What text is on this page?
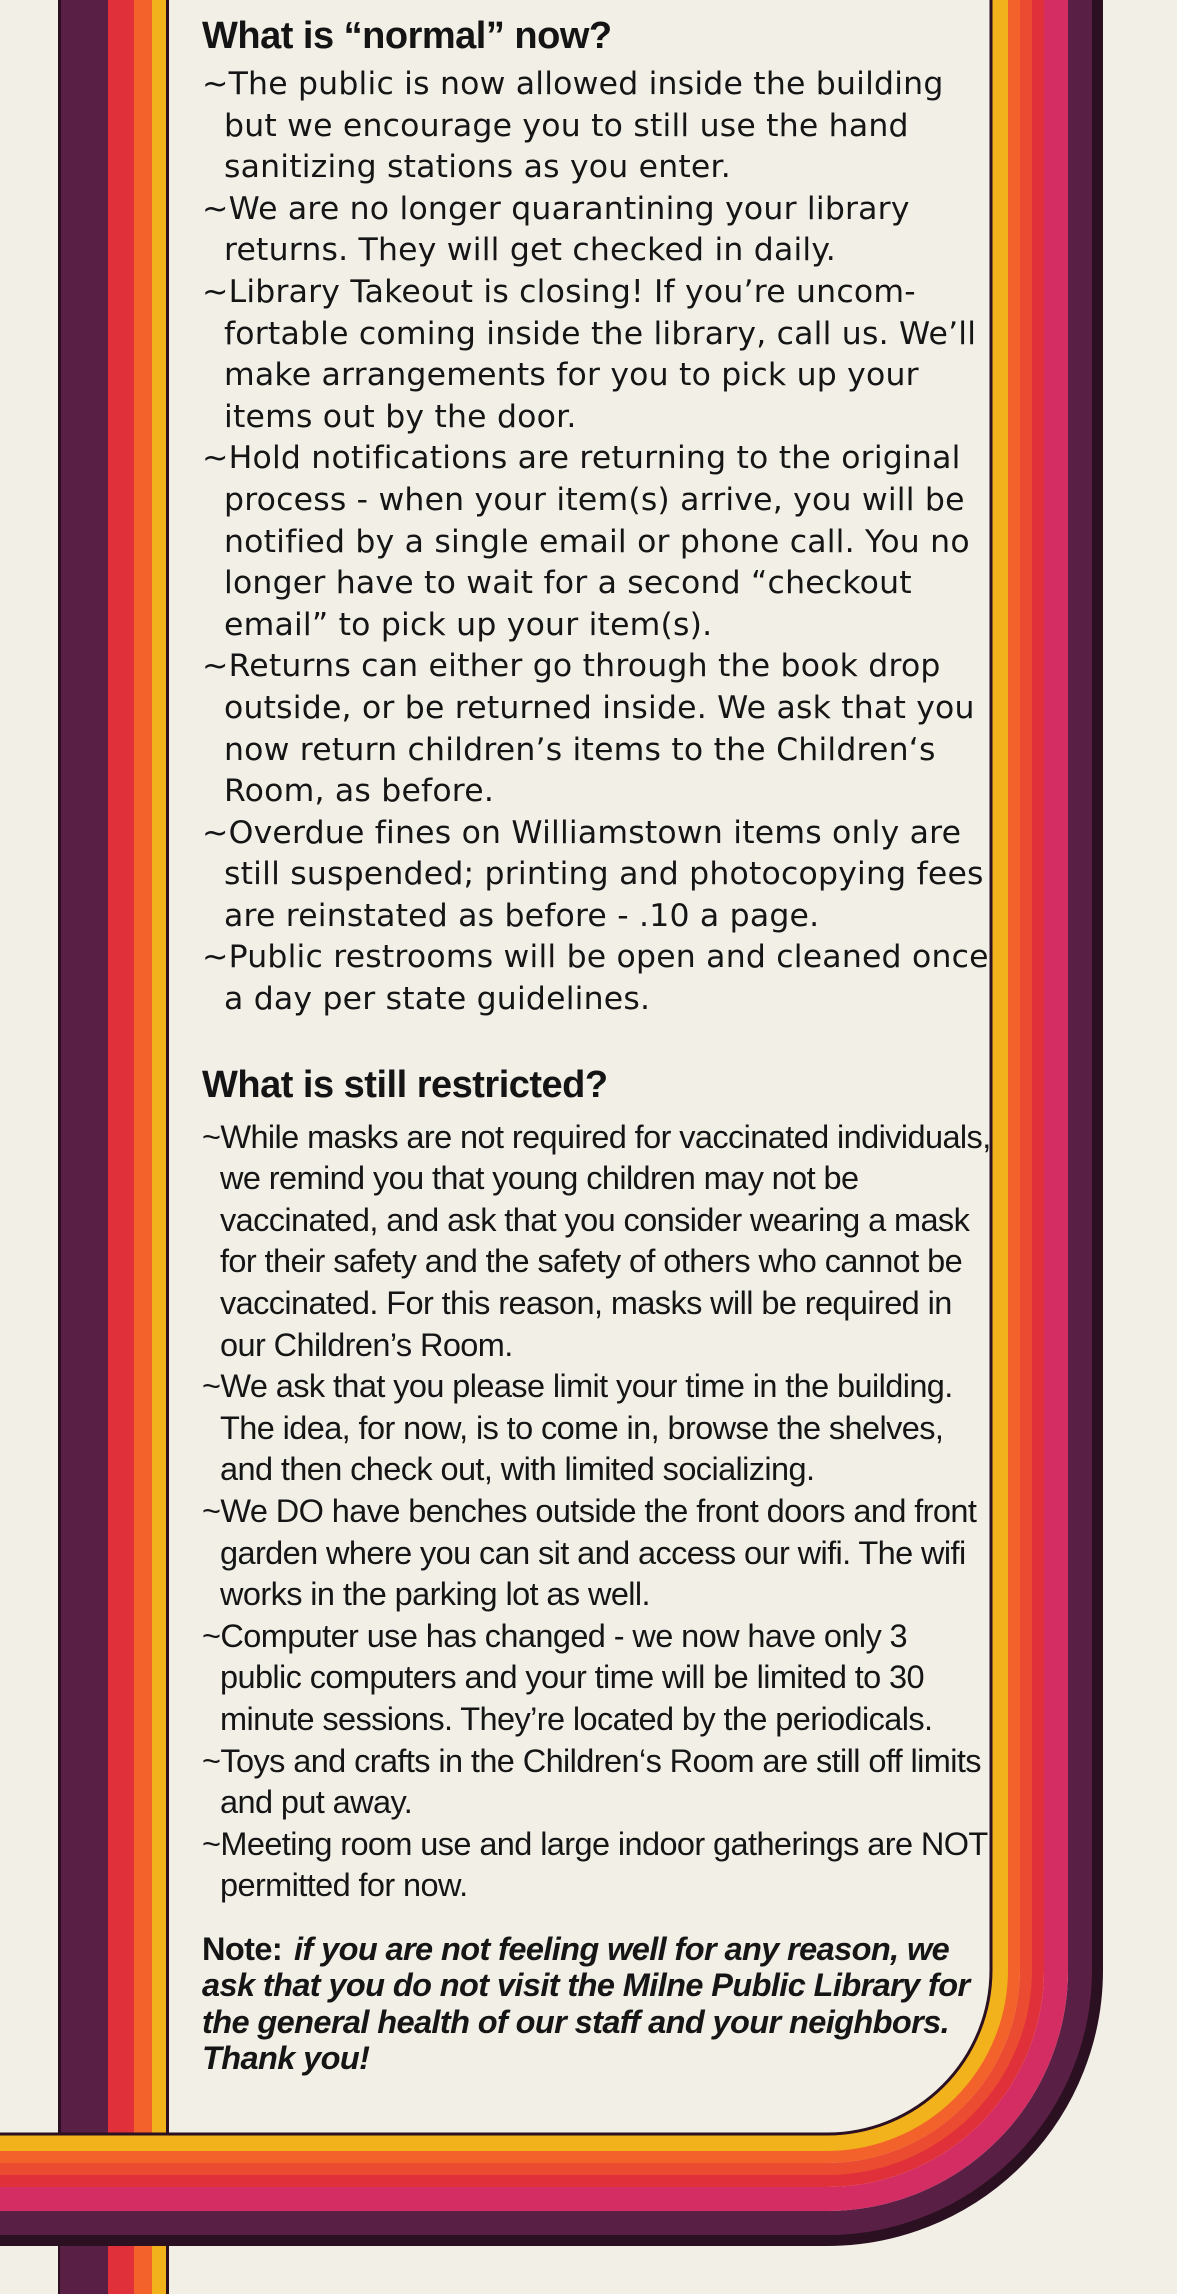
What is “normal” now?
~The public is now allowed inside the building but we encourage you to still use the hand sanitizing stations as you enter.
~We are no longer quarantining your library returns. They will get checked in daily.
~Library Takeout is closing! If you’re uncomfortable coming inside the library, call us. We’ll make arrangements for you to pick up your items out by the door.
~Hold notifications are returning to the original process - when your item(s) arrive, you will be notified by a single email or phone call. You no longer have to wait for a second “checkout email” to pick up your item(s).
~Returns can either go through the book drop outside, or be returned inside. We ask that you now return children’s items to the Children‘s Room, as before.
~Overdue fines on Williamstown items only are still suspended; printing and photocopying fees are reinstated as before - .10 a page.
~Public restrooms will be open and cleaned once a day per state guidelines.
What is still restricted?
~While masks are not required for vaccinated individuals, we remind you that young children may not be vaccinated, and ask that you consider wearing a mask for their safety and the safety of others who cannot be vaccinated. For this reason, masks will be required in our Children’s Room.
~We ask that you please limit your time in the building. The idea, for now, is to come in, browse the shelves, and then check out, with limited socializing.
~We DO have benches outside the front doors and front garden where you can sit and access our wifi. The wifi works in the parking lot as well.
~Computer use has changed - we now have only 3 public computers and your time will be limited to 30 minute sessions. They’re located by the periodicals.
~Toys and crafts in the Children‘s Room are still off limits and put away.
~Meeting room use and large indoor gatherings are NOT permitted for now.

Note: if you are not feeling well for any reason, we ask that you do not visit the Milne Public Library for the general health of our staff and your neighbors. Thank you!
